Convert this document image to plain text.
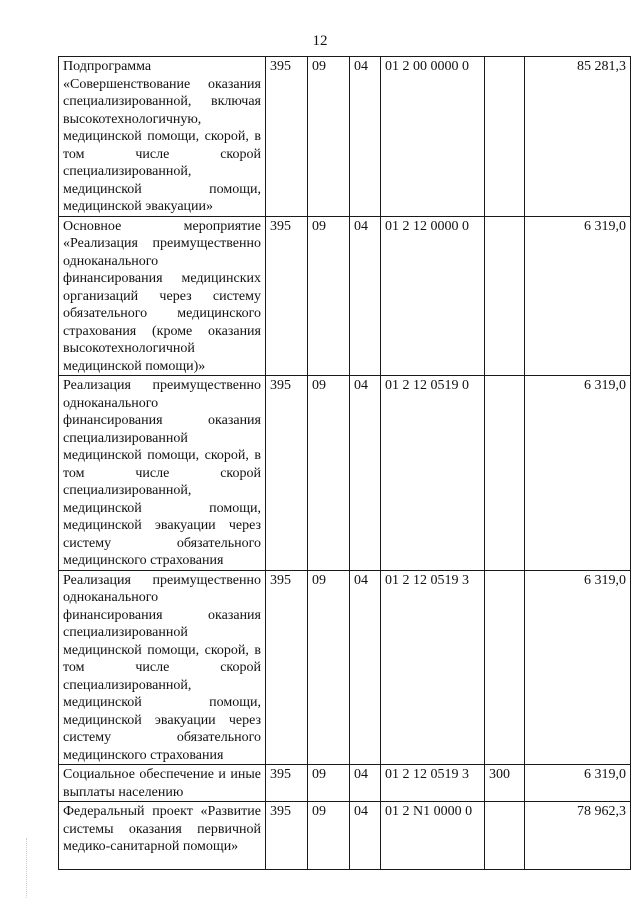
12
Подпрограмма «Совершенствование оказания специализированной, включая высокотехнологичную, медицинской помощи, скорой, в том числе скорой специализированной, медицинской помощи, медицинской эвакуации»	395	09	04	01 2 00 0000 0		85 281,3
Основное мероприятие «Реализация преимущественно одноканального финансирования медицинских организаций через систему обязательного медицинского страхования (кроме оказания высокотехнологичной медицинской помощи)»	395	09	04	01 2 12 0000 0		6 319,0
Реализация преимущественно одноканального финансирования оказания специализированной медицинской помощи, скорой, в том числе скорой специализированной, медицинской помощи, медицинской эвакуации через систему обязательного медицинского страхования	395	09	04	01 2 12 0519 0		6 319,0
Реализация преимущественно одноканального финансирования оказания специализированной медицинской помощи, скорой, в том числе скорой специализированной, медицинской помощи, медицинской эвакуации через систему обязательного медицинского страхования	395	09	04	01 2 12 0519 3		6 319,0
Социальное обеспечение и иные выплаты населению	395	09	04	01 2 12 0519 3	300	6 319,0
Федеральный проект «Развитие системы оказания первичной медико-санитарной помощи»	395	09	04	01 2 N1 0000 0		78 962,3
